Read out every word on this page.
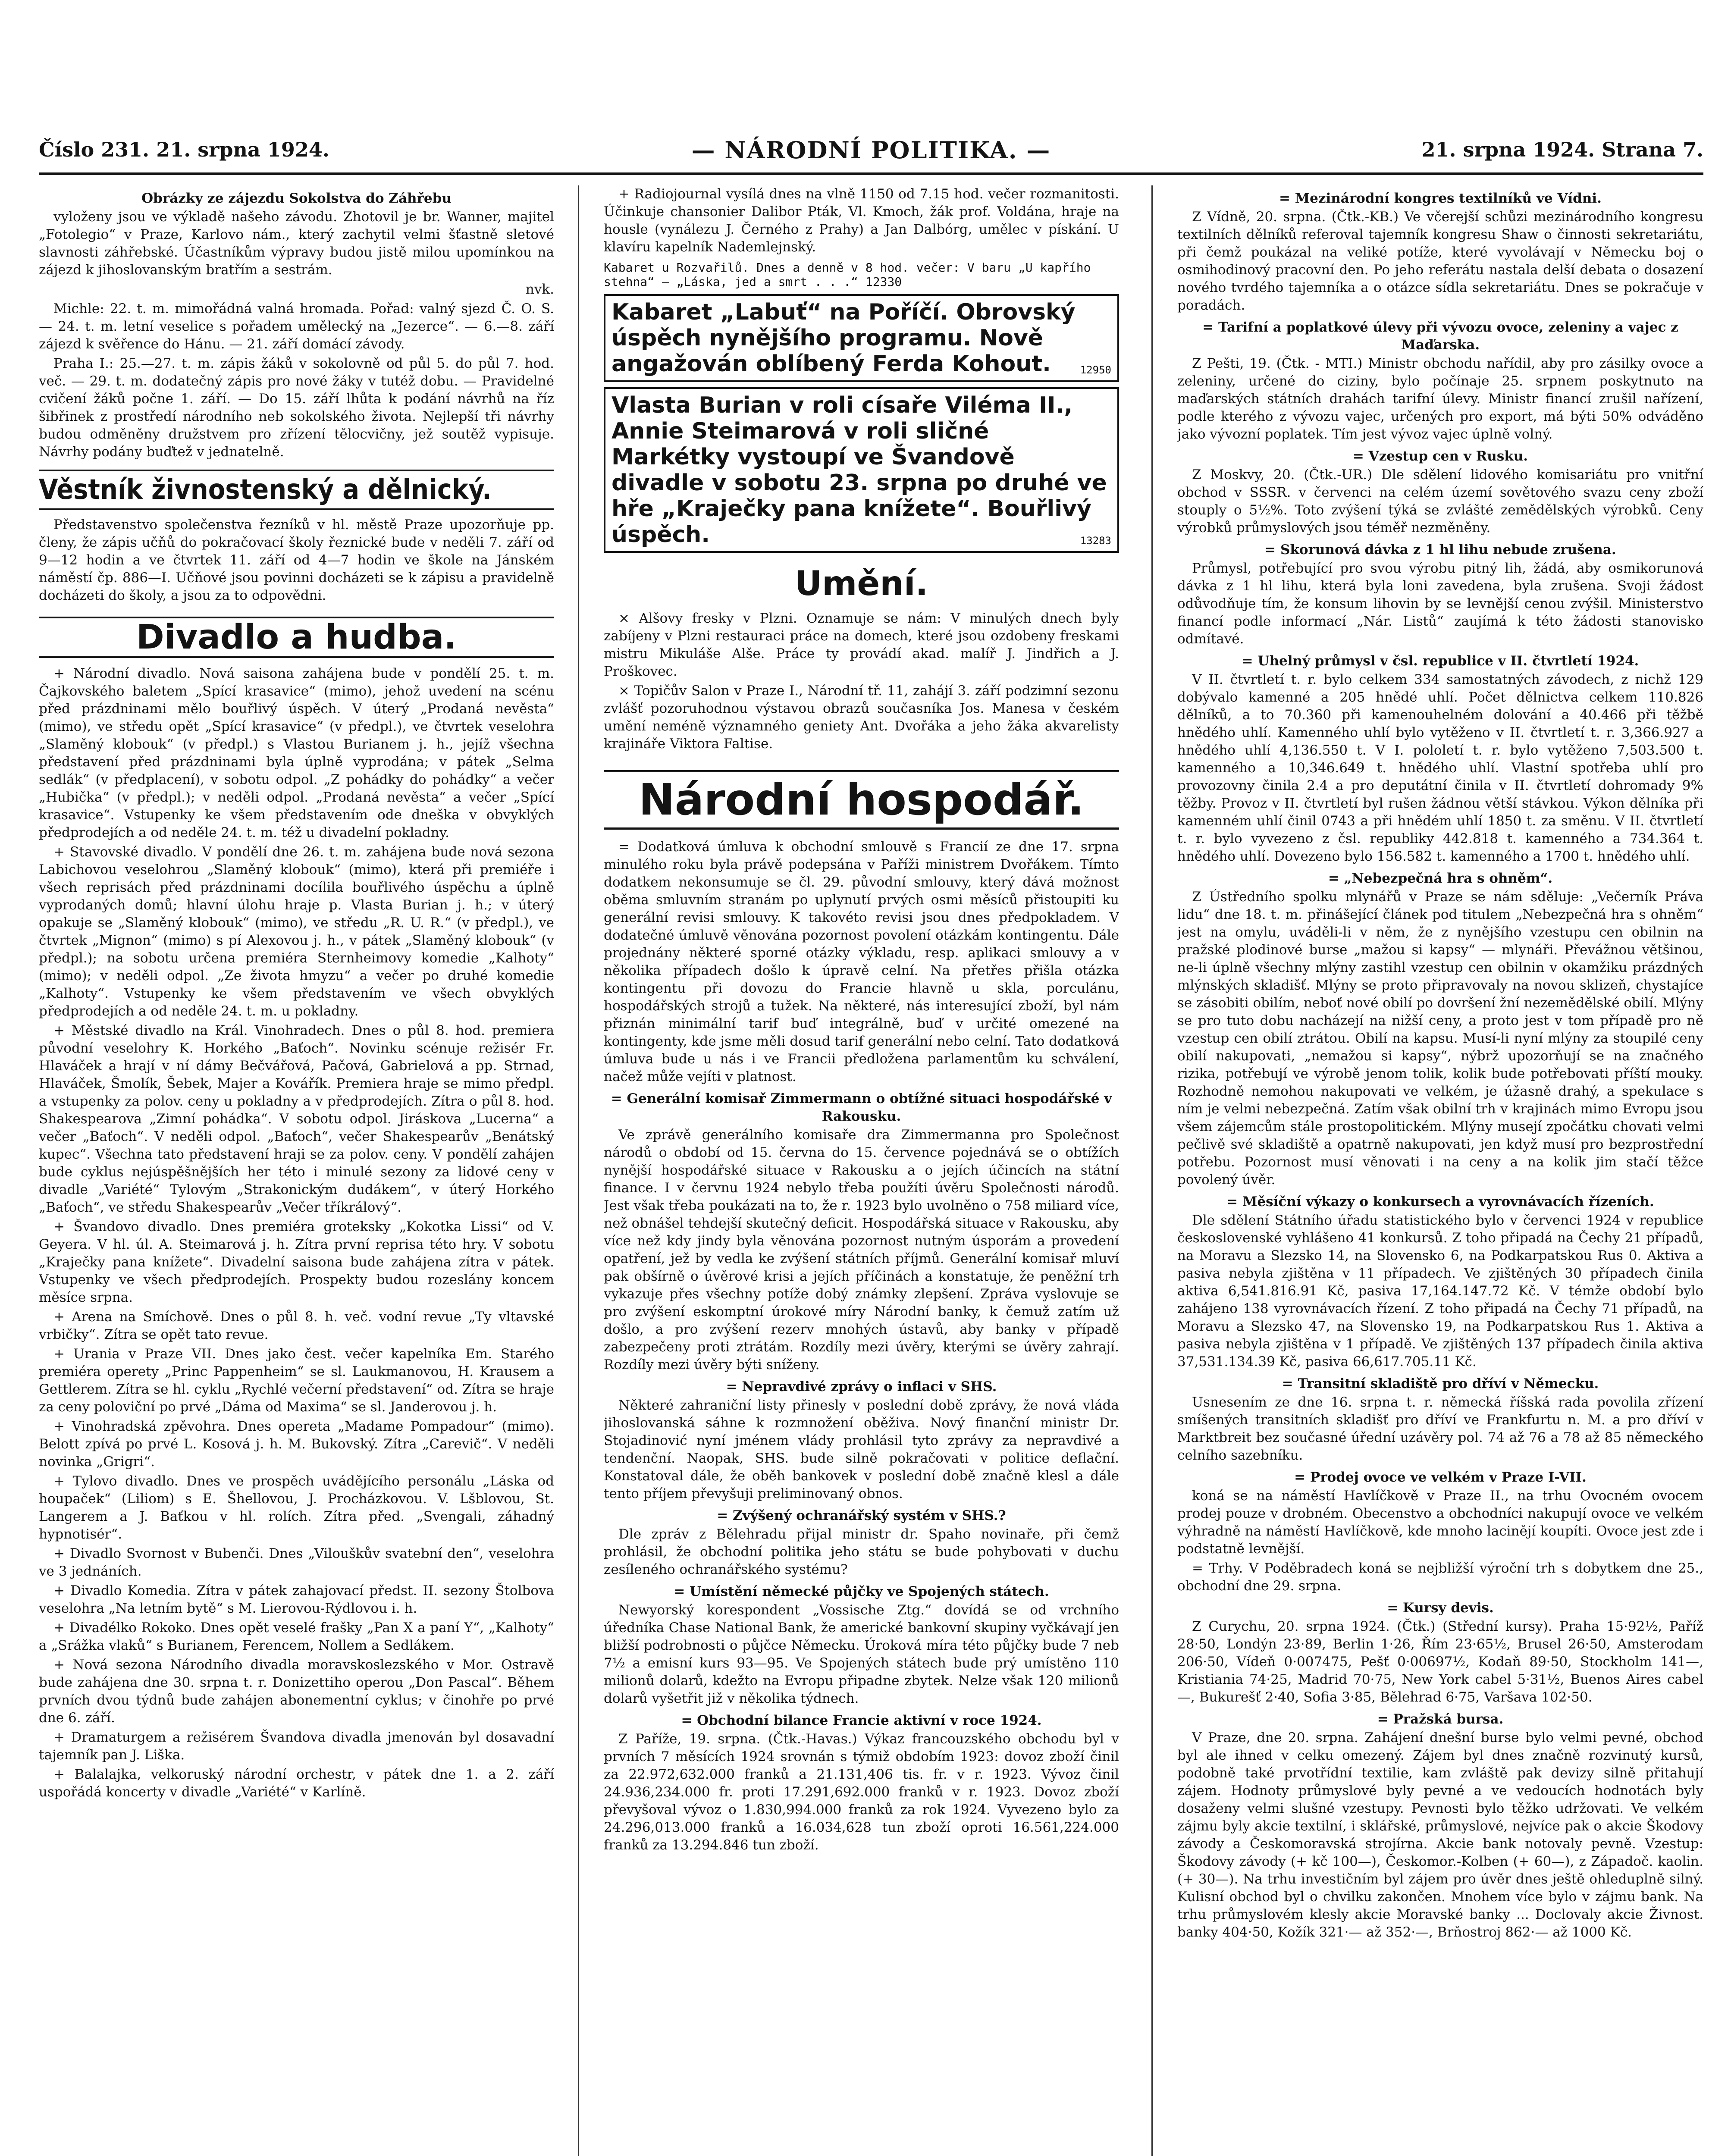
Číslo 231. 21. srpna 1924.	— NÁRODNÍ POLITIKA. —	21. srpna 1924. Strana 7.

Obrázky ze zájezdu Sokolstva do Záhřebu

vyloženy jsou ve výkladě našeho závodu. Zhotovil je br. Wanner, majitel „Fotolegio“ v Praze, Karlovo nám., který zachytil velmi šťastně sletové slavnosti záhřebské. Účastníkům výpravy budou jistě milou upomínkou na zájezd k jihoslovanským bratřím a sestrám.

nvk.

Michle: 22. t. m. mimořádná valná hromada. Pořad: valný sjezd Č. O. S. — 24. t. m. letní veselice s pořadem umělecký na „Jezerce“. — 6.—8. září zájezd k svěřence do Hánu. — 21. září domácí závody.

Praha I.: 25.—27. t. m. zápis žáků v sokolovně od půl 5. do půl 7. hod. več. — 29. t. m. dodatečný zápis pro nové žáky v tutéž dobu. — Pravidelné cvičení žáků počne 1. září. — Do 15. září lhůta k podání návrhů na říz šibřinek z prostředí národního neb sokolského života. Nejlepší tři návrhy budou odměněny družstvem pro zřízení tělocvičny, jež soutěž vypisuje. Návrhy podány buďtež v jednatelně.

Věstník živnostenský a dělnický.

Představenstvo společenstva řezníků v hl. městě Praze upozorňuje pp. členy, že zápis učňů do pokračovací školy řeznické bude v neděli 7. září od 9—12 hodin a ve čtvrtek 11. září od 4—7 hodin ve škole na Jánském náměstí čp. 886—I. Učňové jsou povinni docházeti se k zápisu a pravidelně docházeti do školy, a jsou za to odpovědni.

Divadlo a hudba.

+ Národní divadlo. Nová saisona zahájena bude v pondělí 25. t. m. Čajkovského baletem „Spící krasavice“ (mimo), jehož uvedení na scénu před prázdninami mělo bouřlivý úspěch. V úterý „Prodaná nevěsta“ (mimo), ve středu opět „Spící krasavice“ (v předpl.), ve čtvrtek veselohra „Slaměný klobouk“ (v předpl.) s Vlastou Burianem j. h., jejíž všechna představení před prázdninami byla úplně vyprodána; v pátek „Selma sedlák“ (v předplacení), v sobotu odpol. „Z pohádky do pohádky“ a večer „Hubička“ (v předpl.); v neděli odpol. „Prodaná nevěsta“ a večer „Spící krasavice“. Vstupenky ke všem představením ode dneška v obvyklých předprodejích a od neděle 24. t. m. též u divadelní pokladny.

+ Stavovské divadlo. V pondělí dne 26. t. m. zahájena bude nová sezona Labichovou veselohrou „Slaměný klobouk“ (mimo), která při premiéře i všech reprisách před prázdninami docílila bouřlivého úspěchu a úplně vyprodaných domů; hlavní úlohu hraje p. Vlasta Burian j. h.; v úterý opakuje se „Slaměný klobouk“ (mimo), ve středu „R. U. R.“ (v předpl.), ve čtvrtek „Mignon“ (mimo) s pí Alexovou j. h., v pátek „Slaměný klobouk“ (v předpl.); na sobotu určena premiéra Sternheimovy komedie „Kalhoty“ (mimo); v neděli odpol. „Ze života hmyzu“ a večer po druhé komedie „Kalhoty“. Vstupenky ke všem představením ve všech obvyklých předprodejích a od neděle 24. t. m. u pokladny.

+ Městské divadlo na Král. Vinohradech. Dnes o půl 8. hod. premiera původní veselohry K. Horkého „Baťoch“. Novinku scénuje režisér Fr. Hlaváček a hrají v ní dámy Bečvářová, Pačová, Gabrielová a pp. Strnad, Hlaváček, Šmolík, Šebek, Majer a Kovářík. Premiera hraje se mimo předpl. a vstupenky za polov. ceny u pokladny a v předprodejích. Zítra o půl 8. hod. Shakespearova „Zimní pohádka“. V sobotu odpol. Jiráskova „Lucerna“ a večer „Baťoch“. V neděli odpol. „Baťoch“, večer Shakespearův „Benátský kupec“. Všechna tato představení hraji se za polov. ceny. V pondělí zahájen bude cyklus nejúspěšnějších her této i minulé sezony za lidové ceny v divadle „Variété“ Tylovým „Strakonickým dudákem“, v úterý Horkého „Baťoch“, ve středu Shakespearův „Večer tříkrálový“.

+ Švandovo divadlo. Dnes premiéra groteksky „Kokotka Lissi“ od V. Geyera. V hl. úl. A. Steimarová j. h. Zítra první reprisa této hry. V sobotu „Kraječky pana knížete“. Divadelní saisona bude zahájena zítra v pátek. Vstupenky ve všech předprodejích. Prospekty budou rozeslány koncem měsíce srpna.

+ Arena na Smíchově. Dnes o půl 8. h. več. vodní revue „Ty vltavské vrbičky“. Zítra se opět tato revue.

+ Urania v Praze VII. Dnes jako čest. večer kapelníka Em. Starého premiéra operety „Princ Pappenheim“ se sl. Laukmanovou, H. Krausem a Gettlerem. Zítra se hl. cyklu „Rychlé večerní představení“ od. Zítra se hraje za ceny poloviční po prvé „Dáma od Maxima“ se sl. Janderovou j. h.

+ Vinohradská zpěvohra. Dnes opereta „Madame Pompadour“ (mimo). Belott zpívá po prvé L. Kosová j. h. M. Bukovský. Zítra „Carevič“. V neděli novinka „Grigri“.

+ Tylovo divadlo. Dnes ve prospěch uvádějícího personálu „Láska od houpaček“ (Liliom) s E. Šhellovou, J. Procházkovou. V. Lšblovou, St. Langerem a J. Baťkou v hl. rolích. Zítra před. „Svengali, záhadný hypnotisér“.

+ Divadlo Svornost v Bubenči. Dnes „Vilouškův svatební den“, veselohra ve 3 jednáních.

+ Divadlo Komedia. Zítra v pátek zahajovací předst. II. sezony Štolbova veselohra „Na letním bytě“ s M. Lierovou-Rýdlovou i. h.

+ Divadélko Rokoko. Dnes opět veselé frašky „Pan X a paní Y“, „Kalhoty“ a „Srážka vlaků“ s Burianem, Ferencem, Nollem a Sedlákem.

+ Nová sezona Národního divadla moravskoslezského v Mor. Ostravě bude zahájena dne 30. srpna t. r. Donizettiho operou „Don Pascal“. Během prvních dvou týdnů bude zahájen abonementní cyklus; v činohře po prvé dne 6. září.

+ Dramaturgem a režisérem Švandova divadla jmenován byl dosavadní tajemník pan J. Liška.

+ Balalajka, velkoruský národní orchestr, v pátek dne 1. a 2. září uspořádá koncerty v divadle „Variété“ v Karlíně.

+ Radiojournal vysílá dnes na vlně 1150 od 7.15 hod. večer rozmanitosti. Účinkuje chansonier Dalibor Pták, Vl. Kmoch, žák prof. Voldána, hraje na housle (vynálezu J. Černého z Prahy) a Jan Dalbórg, umělec v pískání. U klavíru kapelník Nademlejnský.

Kabaret u Rozvařilů. Dnes a denně v 8 hod. večer: V baru „U kapřího stehna“ — „Láska, jed a smrt . . .“ 12330

Kabaret „Labuť“ na Poříčí. Obrovský úspěch nynějšího programu. Nově angažován oblíbený Ferda Kohout.	12950
Vlasta Burian v roli císaře Viléma II., Annie Steimarová v roli sličné Markétky vystoupí ve Švandově divadle v sobotu 23. srpna po druhé ve hře „Kraječky pana knížete“. Bouřlivý úspěch.	13283

Umění.

× Alšovy fresky v Plzni. Oznamuje se nám: V minulých dnech byly zabíjeny v Plzni restauraci práce na domech, které jsou ozdobeny freskami mistru Mikuláše Alše. Práce ty provádí akad. malíř J. Jindřich a J. Proškovec.

× Topičův Salon v Praze I., Národní tř. 11, zahájí 3. září podzimní sezonu zvlášť pozoruhodnou výstavou obrazů současníka Jos. Manesa v českém umění neméně významného geniety Ant. Dvořáka a jeho žáka akvarelisty krajináře Viktora Faltise.

Národní hospodář.

= Dodatková úmluva k obchodní smlouvě s Francií ze dne 17. srpna minulého roku byla právě podepsána v Paříži ministrem Dvořákem. Tímto dodatkem nekonsumuje se čl. 29. původní smlouvy, který dává možnost oběma smluvním stranám po uplynutí prvých osmi měsíců přistoupiti ku generální revisi smlouvy. K takovéto revisi jsou dnes předpokladem. V dodatečné úmluvě věnována pozornost povolení otázkám kontingentu. Dále projednány některé sporné otázky výkladu, resp. aplikaci smlouvy a v několika případech došlo k úpravě celní. Na přetřes přišla otázka kontingentu při dovozu do Francie hlavně u skla, porculánu, hospodářských strojů a tužek. Na některé, nás interesující zboží, byl nám přiznán minimální tarif buď integrálně, buď v určité omezené na kontingenty, kde jsme měli dosud tarif generální nebo celní. Tato dodatková úmluva bude u nás i ve Francii předložena parlamentům ku schválení, načež může vejíti v platnost.

= Generální komisař Zimmermann o obtížné situaci hospodářské v Rakousku.

Ve zprávě generálního komisaře dra Zimmermanna pro Společnost národů o období od 15. června do 15. července pojednává se o obtížích nynější hospodářské situace v Rakousku a o jejích účincích na státní finance. I v červnu 1924 nebylo třeba použíti úvěru Společnosti národů. Jest však třeba poukázati na to, že r. 1923 bylo uvolněno o 758 miliard více, než obnášel tehdejší skutečný deficit. Hospodářská situace v Rakousku, aby více než kdy jindy byla věnována pozornost nutným úsporám a provedení opatření, jež by vedla ke zvýšení státních příjmů. Generální komisař mluví pak obšírně o úvěrové krisi a jejích příčinách a konstatuje, že peněžní trh vykazuje přes všechny potíže dobý známky zlepšení. Zpráva vyslovuje se pro zvýšení eskomptní úrokové míry Národní banky, k čemuž zatím už došlo, a pro zvýšení rezerv mnohých ústavů, aby banky v případě zabezpečeny proti ztrátám. Rozdíly mezi úvěry, kterými se úvěry zahrají. Rozdíly mezi úvěry býti sníženy.

= Nepravdivé zprávy o inflaci v SHS.

Některé zahraniční listy přinesly v poslední době zprávy, že nová vláda jihoslovanská sáhne k rozmnožení oběživa. Nový finanční ministr Dr. Stojadinović nyní jménem vlády prohlásil tyto zprávy za nepravdivé a tendenční. Naopak, SHS. bude silně pokračovati v politice deflační. Konstatoval dále, že oběh bankovek v poslední době značně klesl a dále tento příjem převyšuji preliminovaný obnos.

= Zvýšený ochranářský systém v SHS.?

Dle zpráv z Bělehradu přijal ministr dr. Spaho novinaře, při čemž prohlásil, že obchodní politika jeho státu se bude pohybovati v duchu zesíleného ochranářského systému?

= Umístění německé půjčky ve Spojených státech.

Newyorský korespondent „Vossische Ztg.“ dovídá se od vrchního úředníka Chase National Bank, že americké bankovní skupiny vyčkávají jen bližší podrobnosti o půjčce Německu. Úroková míra této půjčky bude 7 neb 7½ a emisní kurs 93—95. Ve Spojených státech bude prý umístěno 110 milionů dolarů, kdežto na Evropu připadne zbytek. Nelze však 120 milionů dolarů vyšetřit již v několika týdnech.

= Obchodní bilance Francie aktivní v roce 1924.

Z Paříže, 19. srpna. (Čtk.-Havas.) Výkaz francouzského obchodu byl v prvních 7 měsících 1924 srovnán s týmiž obdobím 1923: dovoz zboží činil za 22.972,632.000 franků a 21.131,406 tis. fr. v r. 1923. Vývoz činil 24.936,234.000 fr. proti 17.291,692.000 franků v r. 1923. Dovoz zboží převyšoval vývoz o 1.830,994.000 franků za rok 1924. Vyvezeno bylo za 24.296,013.000 franků a 16.034,628 tun zboží oproti 16.561,224.000 franků za 13.294.846 tun zboží.

= Mezinárodní kongres textilníků ve Vídni.

Z Vídně, 20. srpna. (Čtk.-KB.) Ve včerejší schůzi mezinárodního kongresu textilních dělníků referoval tajemník kongresu Shaw o činnosti sekretariátu, při čemž poukázal na veliké potíže, které vyvolávají v Německu boj o osmihodinový pracovní den. Po jeho referátu nastala delší debata o dosazení nového tvrdého tajemníka a o otázce sídla sekretariátu. Dnes se pokračuje v poradách.

= Tarifní a poplatkové úlevy při vývozu ovoce, zeleniny a vajec z Maďarska.

Z Pešti, 19. (Čtk. - MTI.) Ministr obchodu nařídil, aby pro zásilky ovoce a zeleniny, určené do ciziny, bylo počínaje 25. srpnem poskytnuto na maďarských státních drahách tarifní úlevy. Ministr financí zrušil nařízení, podle kterého z vývozu vajec, určených pro export, má býti 50% odváděno jako vývozní poplatek. Tím jest vývoz vajec úplně volný.

= Vzestup cen v Rusku.

Z Moskvy, 20. (Čtk.-UR.) Dle sdělení lidového komisariátu pro vnitřní obchod v SSSR. v červenci na celém území sovětového svazu ceny zboží stouply o 5½%. Toto zvýšení týká se zvlášté zemědělských výrobků. Ceny výrobků průmyslových jsou téměř nezměněny.

= Skorunová dávka z 1 hl lihu nebude zrušena.

Průmysl, potřebující pro svou výrobu pitný lih, žádá, aby osmikorunová dávka z 1 hl lihu, která byla loni zavedena, byla zrušena. Svoji žádost odůvodňuje tím, že konsum lihovin by se levnější cenou zvýšil. Ministerstvo financí podle informací „Nár. Listů“ zaujímá k této žádosti stanovisko odmítavé.

= Uhelný průmysl v čsl. republice v II. čtvrtletí 1924.

V II. čtvrtletí t. r. bylo celkem 334 samostatných závodech, z nichž 129 dobývalo kamenné a 205 hnědé uhlí. Počet dělnictva celkem 110.826 dělníků, a to 70.360 při kamenouhelném dolování a 40.466 při těžbě hnědého uhlí. Kamenného uhlí bylo vytěženo v II. čtvrtletí t. r. 3,366.927 a hnědého uhlí 4,136.550 t. V I. pololetí t. r. bylo vytěženo 7,503.500 t. kamenného a 10,346.649 t. hnědého uhlí. Vlastní spotřeba uhlí pro provozovny činila 2.4 a pro deputátní činila v II. čtvrtletí dohromady 9% těžby. Provoz v II. čtvrtletí byl rušen žádnou větší stávkou. Výkon dělníka při kamenném uhlí činil 0743 a při hnědém uhlí 1850 t. za směnu. V II. čtvrtletí t. r. bylo vyvezeno z čsl. republiky 442.818 t. kamenného a 734.364 t. hnědého uhlí. Dovezeno bylo 156.582 t. kamenného a 1700 t. hnědého uhlí.

= „Nebezpečná hra s ohněm“.

Z Ústředního spolku mlynářů v Praze se nám sděluje: „Večerník Práva lidu“ dne 18. t. m. přinášející článek pod titulem „Nebezpečná hra s ohněm“ jest na omylu, uváděli-li v něm, že z nynějšího vzestupu cen obilnin na pražské plodinové burse „mažou si kapsy“ — mlynáři. Převážnou většinou, ne-li úplně všechny mlýny zastihl vzestup cen obilnin v okamžiku prázdných mlýnských skladišť. Mlýny se proto připravovaly na novou sklizeň, chystajíce se zásobiti obilím, neboť nové obilí po dovršení žní nezemědělské obilí. Mlýny se pro tuto dobu nacházejí na nižší ceny, a proto jest v tom případě pro ně vzestup cen obilí ztrátou. Obilí na kapsu. Musí-li nyní mlýny za stoupilé ceny obilí nakupovati, „nemažou si kapsy“, nýbrž upozorňují se na značného rizika, potřebují ve výrobě jenom tolik, kolik bude potřebovati příští mouky. Rozhodně nemohou nakupovati ve velkém, je úžasně drahý, a spekulace s ním je velmi nebezpečná. Zatím však obilní trh v krajinách mimo Evropu jsou všem zájemcům stále prostopolitickém. Mlýny musejí zpočátku chovati velmi pečlivě své skladiště a opatrně nakupovati, jen když musí pro bezprostřední potřebu. Pozornost musí věnovati i na ceny a na kolik jim stačí těžce povolený úvěr.

= Měsíční výkazy o konkursech a vyrovnávacích řízeních.

Dle sdělení Státního úřadu statistického bylo v červenci 1924 v republice československé vyhlášeno 41 konkursů. Z toho připadá na Čechy 21 případů, na Moravu a Slezsko 14, na Slovensko 6, na Podkarpatskou Rus 0. Aktiva a pasiva nebyla zjištěna v 11 případech. Ve zjištěných 30 případech činila aktiva 6,541.816.91 Kč, pasiva 17,164.147.72 Kč. V témže období bylo zahájeno 138 vyrovnávacích řízení. Z toho připadá na Čechy 71 případů, na Moravu a Slezsko 47, na Slovensko 19, na Podkarpatskou Rus 1. Aktiva a pasiva nebyla zjištěna v 1 případě. Ve zjištěných 137 případech činila aktiva 37,531.134.39 Kč, pasiva 66,617.705.11 Kč.

= Transitní skladiště pro dříví v Německu.

Usnesením ze dne 16. srpna t. r. německá říšská rada povolila zřízení smíšených transitních skladišť pro dříví ve Frankfurtu n. M. a pro dříví v Marktbreit bez současné úřední uzávěry pol. 74 až 76 a 78 až 85 německého celního sazebníku.

= Prodej ovoce ve velkém v Praze I-VII.

koná se na náměstí Havlíčkově v Praze II., na trhu Ovocném ovocem prodej pouze v drobném. Obecenstvo a obchodníci nakupují ovoce ve velkém výhradně na náměstí Havlíčkově, kde mnoho lacinějí koupíti. Ovoce jest zde i podstatně levnější.

= Trhy. V Poděbradech koná se nejbližší výroční trh s dobytkem dne 25., obchodní dne 29. srpna.

= Kursy devis.

Z Curychu, 20. srpna 1924. (Čtk.) (Střední kursy). Praha 15·92½, Paříž 28·50, Londýn 23·89, Berlin 1·26, Řím 23·65½, Brusel 26·50, Amsterodam 206·50, Vídeň 0·007475, Pešť 0·00697½, Kodaň 89·50, Stockholm 141—, Kristiania 74·25, Madrid 70·75, New York cabel 5·31½, Buenos Aires cabel —, Bukurešť 2·40, Sofia 3·85, Bělehrad 6·75, Varšava 102·50.

= Pražská bursa.

V Praze, dne 20. srpna. Zahájení dnešní burse bylo velmi pevné, obchod byl ale ihned v celku omezený. Zájem byl dnes značně rozvinutý kursů, podobně také prvotřídní textilie, kam zvláště pak devizy silně přitahují zájem. Hodnoty průmyslové byly pevné a ve vedoucích hodnotách byly dosaženy velmi slušné vzestupy. Pevnosti bylo těžko udržovati. Ve velkém zájmu byly akcie textilní, i sklářské, průmyslové, nejvíce pak o akcie Škodovy závody a Českomoravská strojírna. Akcie bank notovaly pevně. Vzestup: Škodovy závody (+ kč 100—), Českomor.-Kolben (+ 60—), z Západoč. kaolin. (+ 30—). Na trhu investičním byl zájem pro úvěr dnes ještě ohleduplně silný. Kulisní obchod byl o chvilku zakončen. Mnohem více bylo v zájmu bank. Na trhu průmyslovém klesly akcie Moravské banky ... Doclovaly akcie Živnost. banky 404·50, Kožík 321·— až 352·—, Brňostroj 862·— až 1000 Kč.
